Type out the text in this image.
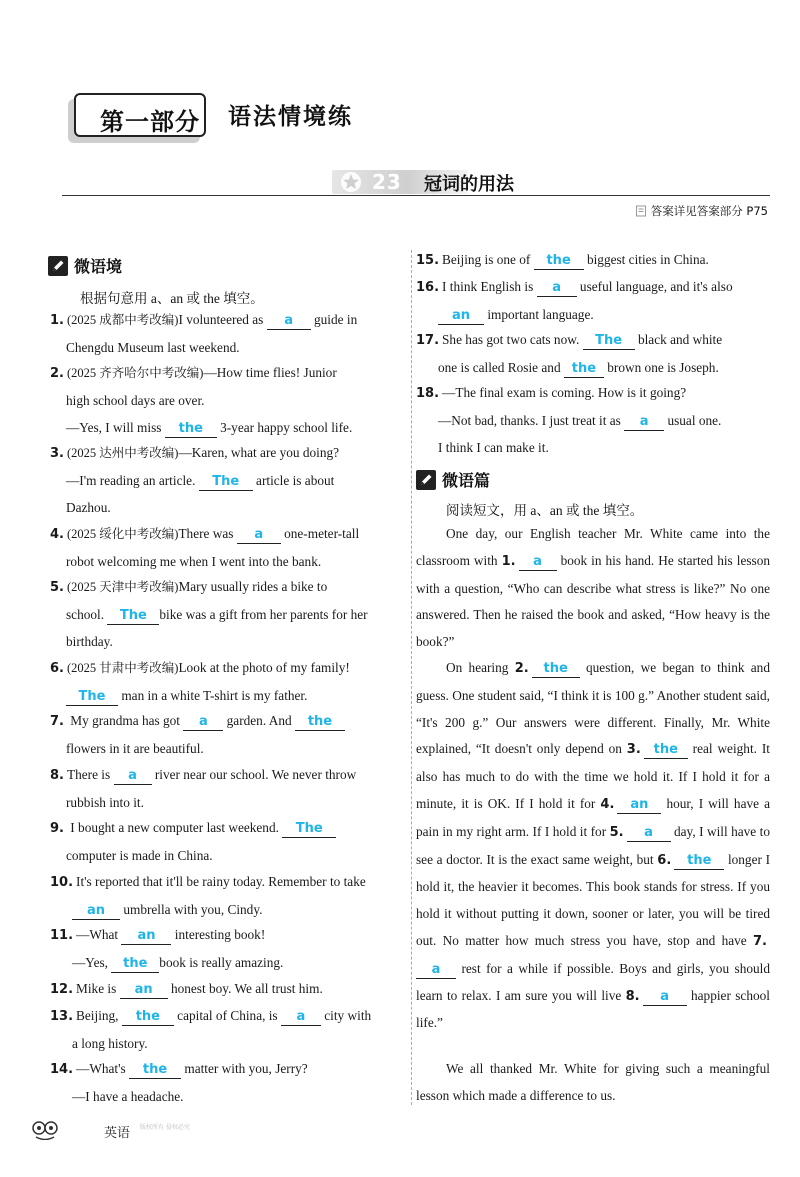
第一部分 语法情境练
23 冠词的用法
答案详见答案部分 P75
微语境
根据句意用 a、an 或 the 填空。
1. (2025 成都中考改编)I volunteered as a guide in
Chengdu Museum last weekend.
2. (2025 齐齐哈尔中考改编)—How time flies! Junior
high school days are over.
—Yes, I will miss the 3-year happy school life.
3. (2025 达州中考改编)—Karen, what are you doing?
—I'm reading an article. The article is about
Dazhou.
4. (2025 绥化中考改编)There was a one-meter-tall
robot welcoming me when I went into the bank.
5. (2025 天津中考改编)Mary usually rides a bike to
school. The bike was a gift from her parents for her
birthday.
6. (2025 甘肃中考改编)Look at the photo of my family!
The man in a white T-shirt is my father.
7. My grandma has got a garden. And the
flowers in it are beautiful.
8. There is a river near our school. We never throw
rubbish into it.
9. I bought a new computer last weekend. The
computer is made in China.
10. It's reported that it'll be rainy today. Remember to take
an umbrella with you, Cindy.
11. —What an interesting book!
—Yes, the book is really amazing.
12. Mike is an honest boy. We all trust him.
13. Beijing, the capital of China, is a city with
a long history.
14. —What's the matter with you, Jerry?
—I have a headache.
15. Beijing is one of the biggest cities in China.
16. I think English is a useful language, and it's also
an important language.
17. She has got two cats now. The black and white
one is called Rosie and the brown one is Joseph.
18. —The final exam is coming. How is it going?
—Not bad, thanks. I just treat it as a usual one.
I think I can make it.
微语篇
阅读短文，用 a、an 或 the 填空。
One day, our English teacher Mr. White came into the classroom with 1. a book in his hand. He started his lesson with a question, “Who can describe what stress is like?” No one answered. Then he raised the book and asked, “How heavy is the book?”
On hearing 2. the question, we began to think and guess. One student said, “I think it is 100 g.” Another student said, “It's 200 g.” Our answers were different. Finally, Mr. White explained, “It doesn't only depend on 3. the real weight. It also has much to do with the time we hold it. If I hold it for a minute, it is OK. If I hold it for 4. an hour, I will have a pain in my right arm. If I hold it for 5. a day, I will have to see a doctor. It is the exact same weight, but 6. the longer I hold it, the heavier it becomes. This book stands for stress. If you hold it without putting it down, sooner or later, you will be tired out. No matter how much stress you have, stop and have 7.a rest for a while if possible. Boys and girls, you should learn to relax. I am sure you will live 8. a happier school life.”
We all thanked Mr. White for giving such a meaningful lesson which made a difference to us.
英语 版权所有 侵权必究
